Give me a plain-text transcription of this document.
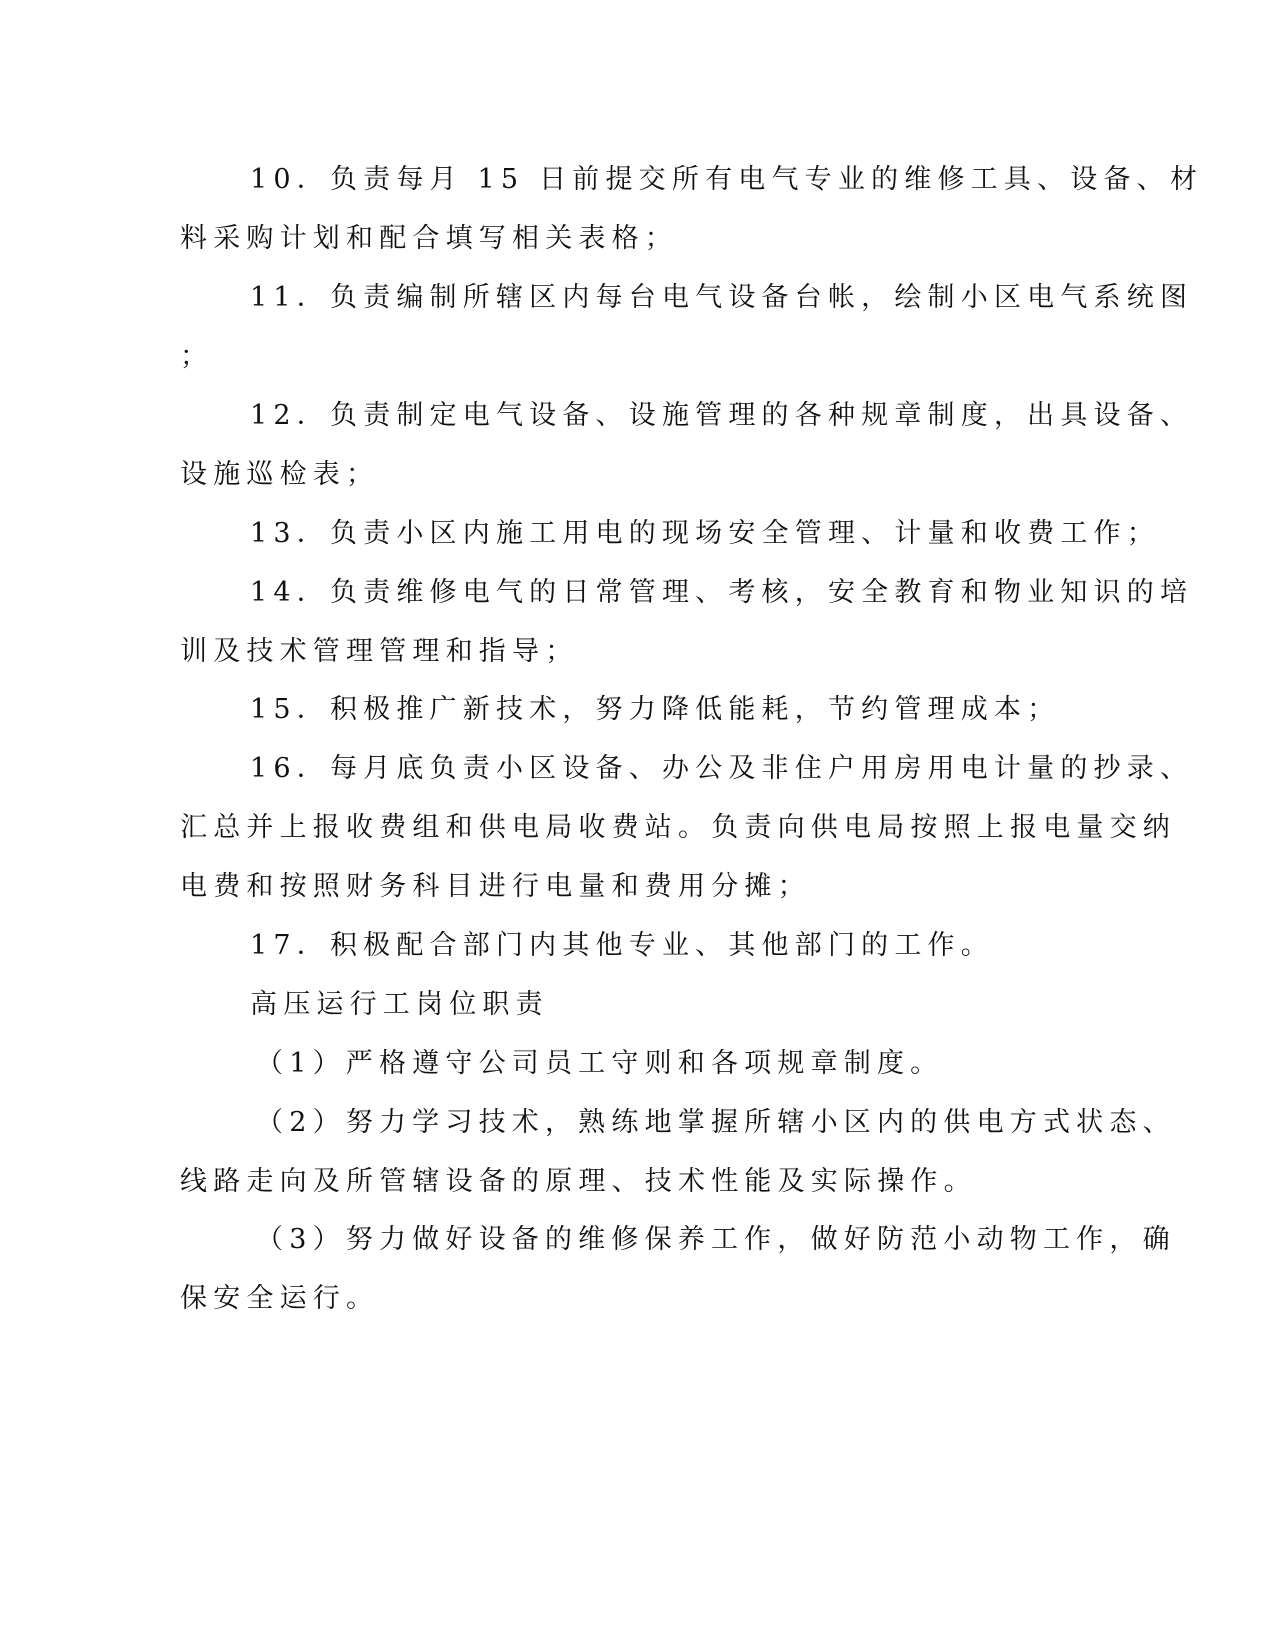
10．负责每月 15 日前提交所有电气专业的维修工具、设备、材
料采购计划和配合填写相关表格；
11．负责编制所辖区内每台电气设备台帐，绘制小区电气系统图
；
12．负责制定电气设备、设施管理的各种规章制度，出具设备、
设施巡检表；
13．负责小区内施工用电的现场安全管理、计量和收费工作；
14．负责维修电气的日常管理、考核，安全教育和物业知识的培
训及技术管理管理和指导；
15．积极推广新技术，努力降低能耗，节约管理成本；
16．每月底负责小区设备、办公及非住户用房用电计量的抄录、
汇总并上报收费组和供电局收费站。负责向供电局按照上报电量交纳
电费和按照财务科目进行电量和费用分摊；
17．积极配合部门内其他专业、其他部门的工作。
高压运行工岗位职责
（1）严格遵守公司员工守则和各项规章制度。
（2）努力学习技术，熟练地掌握所辖小区内的供电方式状态、
线路走向及所管辖设备的原理、技术性能及实际操作。
（3）努力做好设备的维修保养工作，做好防范小动物工作，确
保安全运行。
